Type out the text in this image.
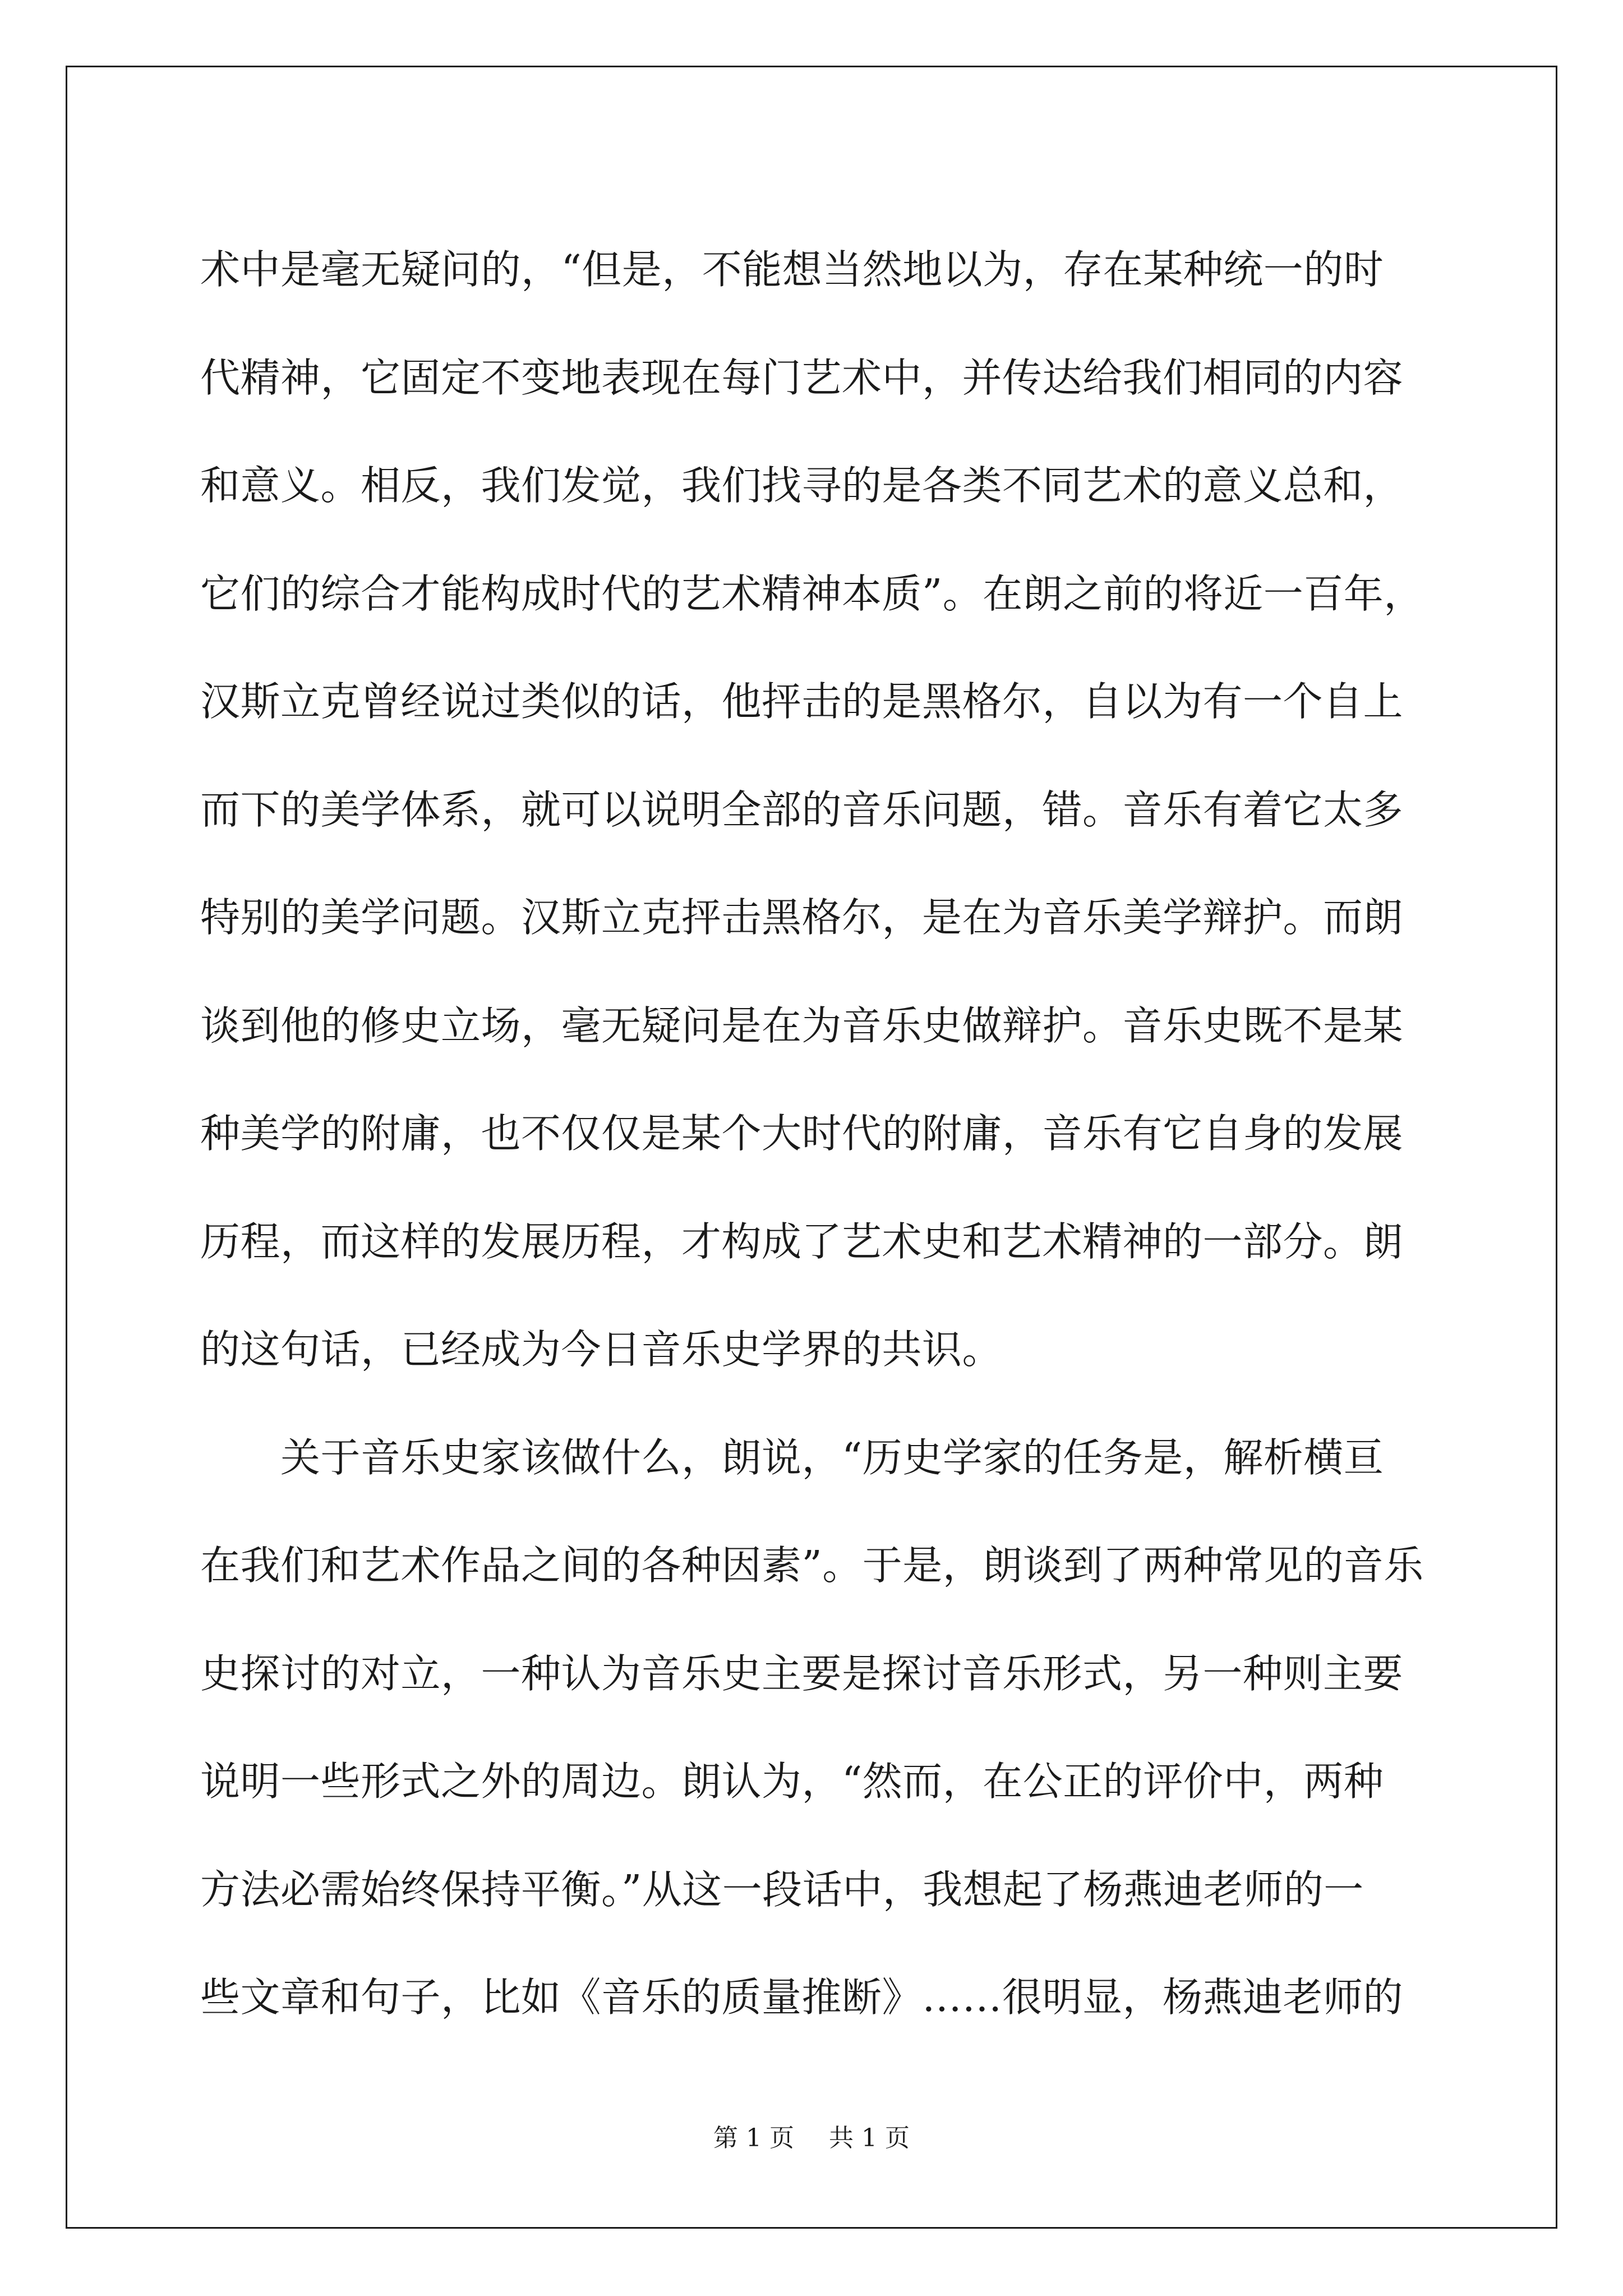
术中是毫无疑问的，“但是，不能想当然地以为，存在某种统一的时
代精神，它固定不变地表现在每门艺术中，并传达给我们相同的内容
和意义。相反，我们发觉，我们找寻的是各类不同艺术的意义总和，
它们的综合才能构成时代的艺术精神本质”。在朗之前的将近一百年，
汉斯立克曾经说过类似的话，他抨击的是黑格尔，自以为有一个自上
而下的美学体系，就可以说明全部的音乐问题，错。音乐有着它太多
特别的美学问题。汉斯立克抨击黑格尔，是在为音乐美学辩护。而朗
谈到他的修史立场，毫无疑问是在为音乐史做辩护。音乐史既不是某
种美学的附庸，也不仅仅是某个大时代的附庸，音乐有它自身的发展
历程，而这样的发展历程，才构成了艺术史和艺术精神的一部分。朗
的这句话，已经成为今日音乐史学界的共识。
　　关于音乐史家该做什么，朗说，“历史学家的任务是，解析横亘
在我们和艺术作品之间的各种因素”。于是，朗谈到了两种常见的音乐
史探讨的对立，一种认为音乐史主要是探讨音乐形式，另一种则主要
说明一些形式之外的周边。朗认为，“然而，在公正的评价中，两种
方法必需始终保持平衡。”从这一段话中，我想起了杨燕迪老师的一
些文章和句子，比如《音乐的质量推断》……很明显，杨燕迪老师的
第 1 页 共 1 页
